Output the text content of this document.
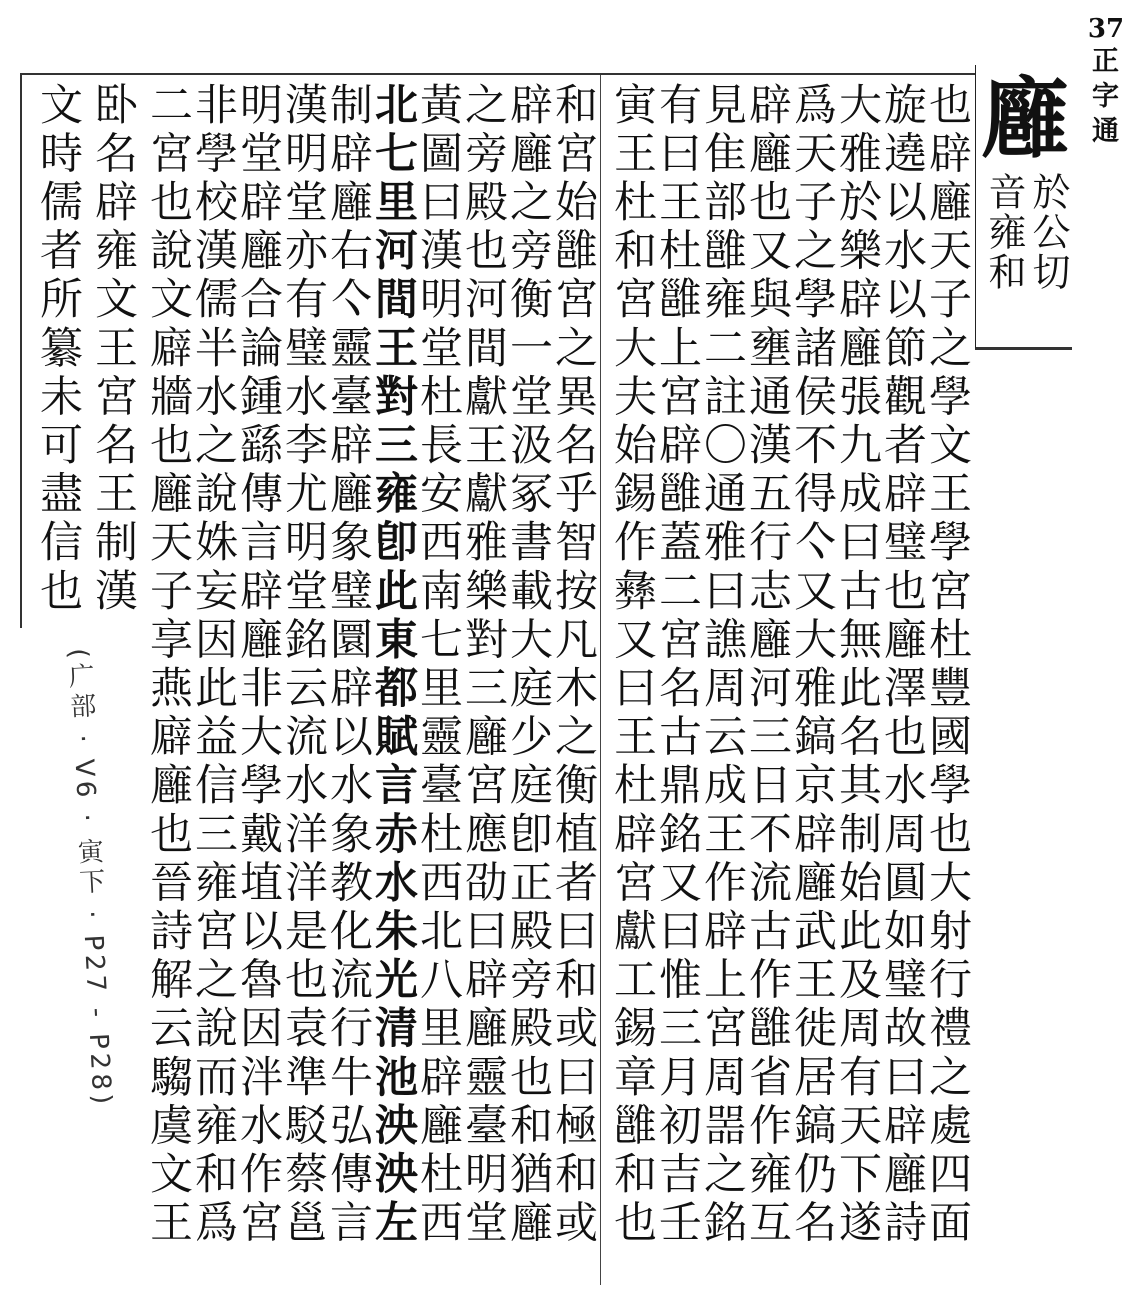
37
正字通
廱
於公切
音雍和
也辟廱天子之學文王學宮杜豐國學也大射行禮之處四面
旋遶以水以節觀者辟璧也廱澤也水周圓如璧故曰辟廱詩
大雅於樂辟廱張九成曰古無此名其制始此及周有天下遂
爲天子之學諸侯不得亽又大雅鎬京辟廱武王徙居鎬仍名
辟廱也又與壅通漢五行志廱河三日不流古作雝省作雍互
見隹部雝雍二註〇通雅曰譙周云成王作辟上宮周噐之銘
有曰王杜雝上宮辟雝蓋二宮名古鼎銘又曰惟三月初吉壬
寅王杜和宮大夫始錫作彝又曰王杜辟宮獻工錫章雝和也
和宮始雝宮之異名乎智按凡木之衡植者曰和或曰極和或
辟廱之旁衡一堂汲冢書載大庭少庭卽正殿旁殿也和猶廱
之旁殿也河間獻王獻雅樂對三廱宮應劭曰辟廱靈臺明堂
黃圖曰漢明堂杜長安西南七里靈臺杜西北八里辟廱杜西
北七里河間王對三雍卽此東都賦言赤水朱光清池泱泱左
制辟廱右亽靈臺辟廱象璧圜辟以水象教化流行牛弘傳言
漢明堂亦有璧水李尤明堂銘云流水洋洋是也袁準駁蔡邕
明堂辟廱合論鍾繇傳言辟廱非大學戴埴以魯因泮水作宮
非學校漢儒半水之說姝妄因此益信三雍宮之說而雍和爲
二宮也說文廦牆也廱天子享燕廦廱也晉詩解云騶虞文王
卧名辟雍文王宮名王制漢
文時儒者所纂未可盡信也
(广部 · V6 · 寅下 · P27 - P28)
